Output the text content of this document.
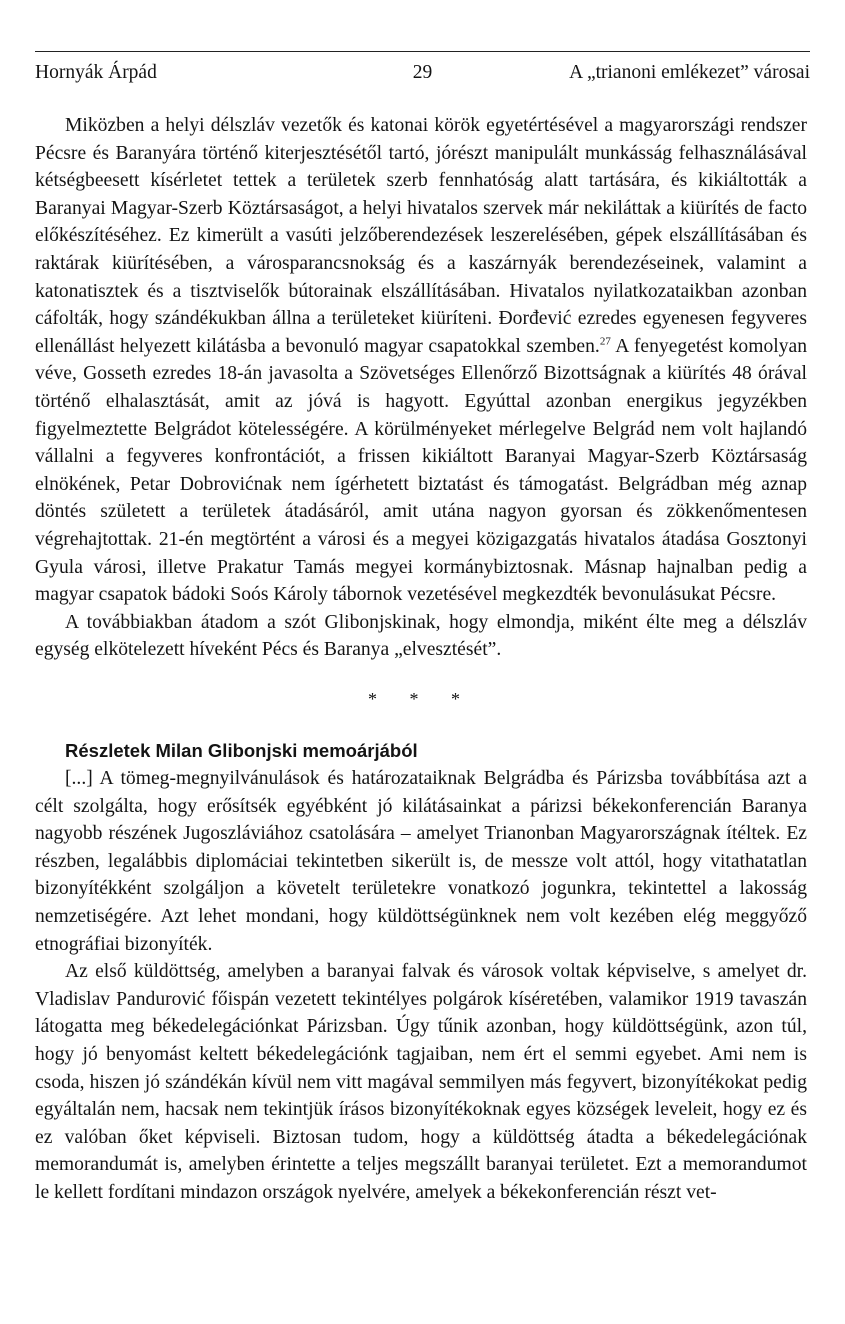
Hornyák Árpád	29	A „trianoni emlékezet” városai

Miközben a helyi délszláv vezetők és katonai körök egyetértésével a magyarországi rendszer Pécsre és Baranyára történő kiterjesztésétől tartó, jórészt manipulált munkásság felhasználásával kétségbeesett kísérletet tettek a területek szerb fennhatóság alatt tartására, és kikiáltották a Baranyai Magyar-Szerb Köztársaságot, a helyi hivatalos szervek már nekiláttak a kiürítés de facto előkészítéséhez. Ez kimerült a vasúti jelzőberendezések leszerelésében, gépek elszállításában és raktárak kiürítésében, a városparancsnokság és a kaszárnyák berendezéseinek, valamint a katonatisztek és a tisztviselők bútorainak elszállításában. Hivatalos nyilatkozataikban azonban cáfolták, hogy szándékukban állna a területeket kiüríteni. Đorđević ezredes egyenesen fegyveres ellenállást helyezett kilátásba a bevonuló magyar csapatokkal szemben.$^{27}$ A fenyegetést komolyan véve, Gosseth ezredes 18-án javasolta a Szövetséges Ellenőrző Bizottságnak a kiürítés 48 órával történő elhalasztását, amit az jóvá is hagyott. Egyúttal azonban energikus jegyzékben figyelmeztette Belgrádot kötelességére. A körülményeket mérlegelve Belgrád nem volt hajlandó vállalni a fegyveres konfrontációt, a frissen kikiáltott Baranyai Magyar-Szerb Köztársaság elnökének, Petar Dobrovićnak nem ígérhetett biztatást és támogatást. Belgrádban még aznap döntés született a területek átadásáról, amit utána nagyon gyorsan és zökkenőmentesen végrehajtottak. 21-én megtörtént a városi és a megyei közigazgatás hivatalos átadása Gosztonyi Gyula városi, illetve Prakatur Tamás megyei kormánybiztosnak. Másnap hajnalban pedig a magyar csapatok bádoki Soós Károly tábornok vezetésével megkezdték bevonulásukat Pécsre.

A továbbiakban átadom a szót Glibonjskinak, hogy elmondja, miként élte meg a délszláv egység elkötelezett híveként Pécs és Baranya „elvesztését”.

* * *

Részletek Milan Glibonjski memoárjából

[...] A tömeg-megnyilvánulások és határozataiknak Belgrádba és Párizsba továbbítása azt a célt szolgálta, hogy erősítsék egyébként jó kilátásainkat a párizsi békekonferencián Baranya nagyobb részének Jugoszláviához csatolására – amelyet Trianonban Magyarországnak ítéltek. Ez részben, legalábbis diplomáciai tekintetben sikerült is, de messze volt attól, hogy vitathatatlan bizonyítékként szolgáljon a követelt területekre vonatkozó jogunkra, tekintettel a lakosság nemzetiségére. Azt lehet mondani, hogy küldöttségünknek nem volt kezében elég meggyőző etnográfiai bizonyíték.

Az első küldöttség, amelyben a baranyai falvak és városok voltak képviselve, s amelyet dr. Vladislav Pandurović főispán vezetett tekintélyes polgárok kíséretében, valamikor 1919 tavaszán látogatta meg békedelegációnkat Párizsban. Úgy tűnik azonban, hogy küldöttségünk, azon túl, hogy jó benyomást keltett békedelegációnk tagjaiban, nem ért el semmi egyebet. Ami nem is csoda, hiszen jó szándékán kívül nem vitt magával semmilyen más fegyvert, bizonyítékokat pedig egyáltalán nem, hacsak nem tekintjük írásos bizonyítékoknak egyes községek leveleit, hogy ez és ez valóban őket képviseli. Biztosan tudom, hogy a küldöttség átadta a békedelegációnak memorandumát is, amelyben érintette a teljes megszállt baranyai területet. Ezt a memorandumot le kellett fordítani mindazon országok nyelvére, amelyek a békekonferencián részt vet-
